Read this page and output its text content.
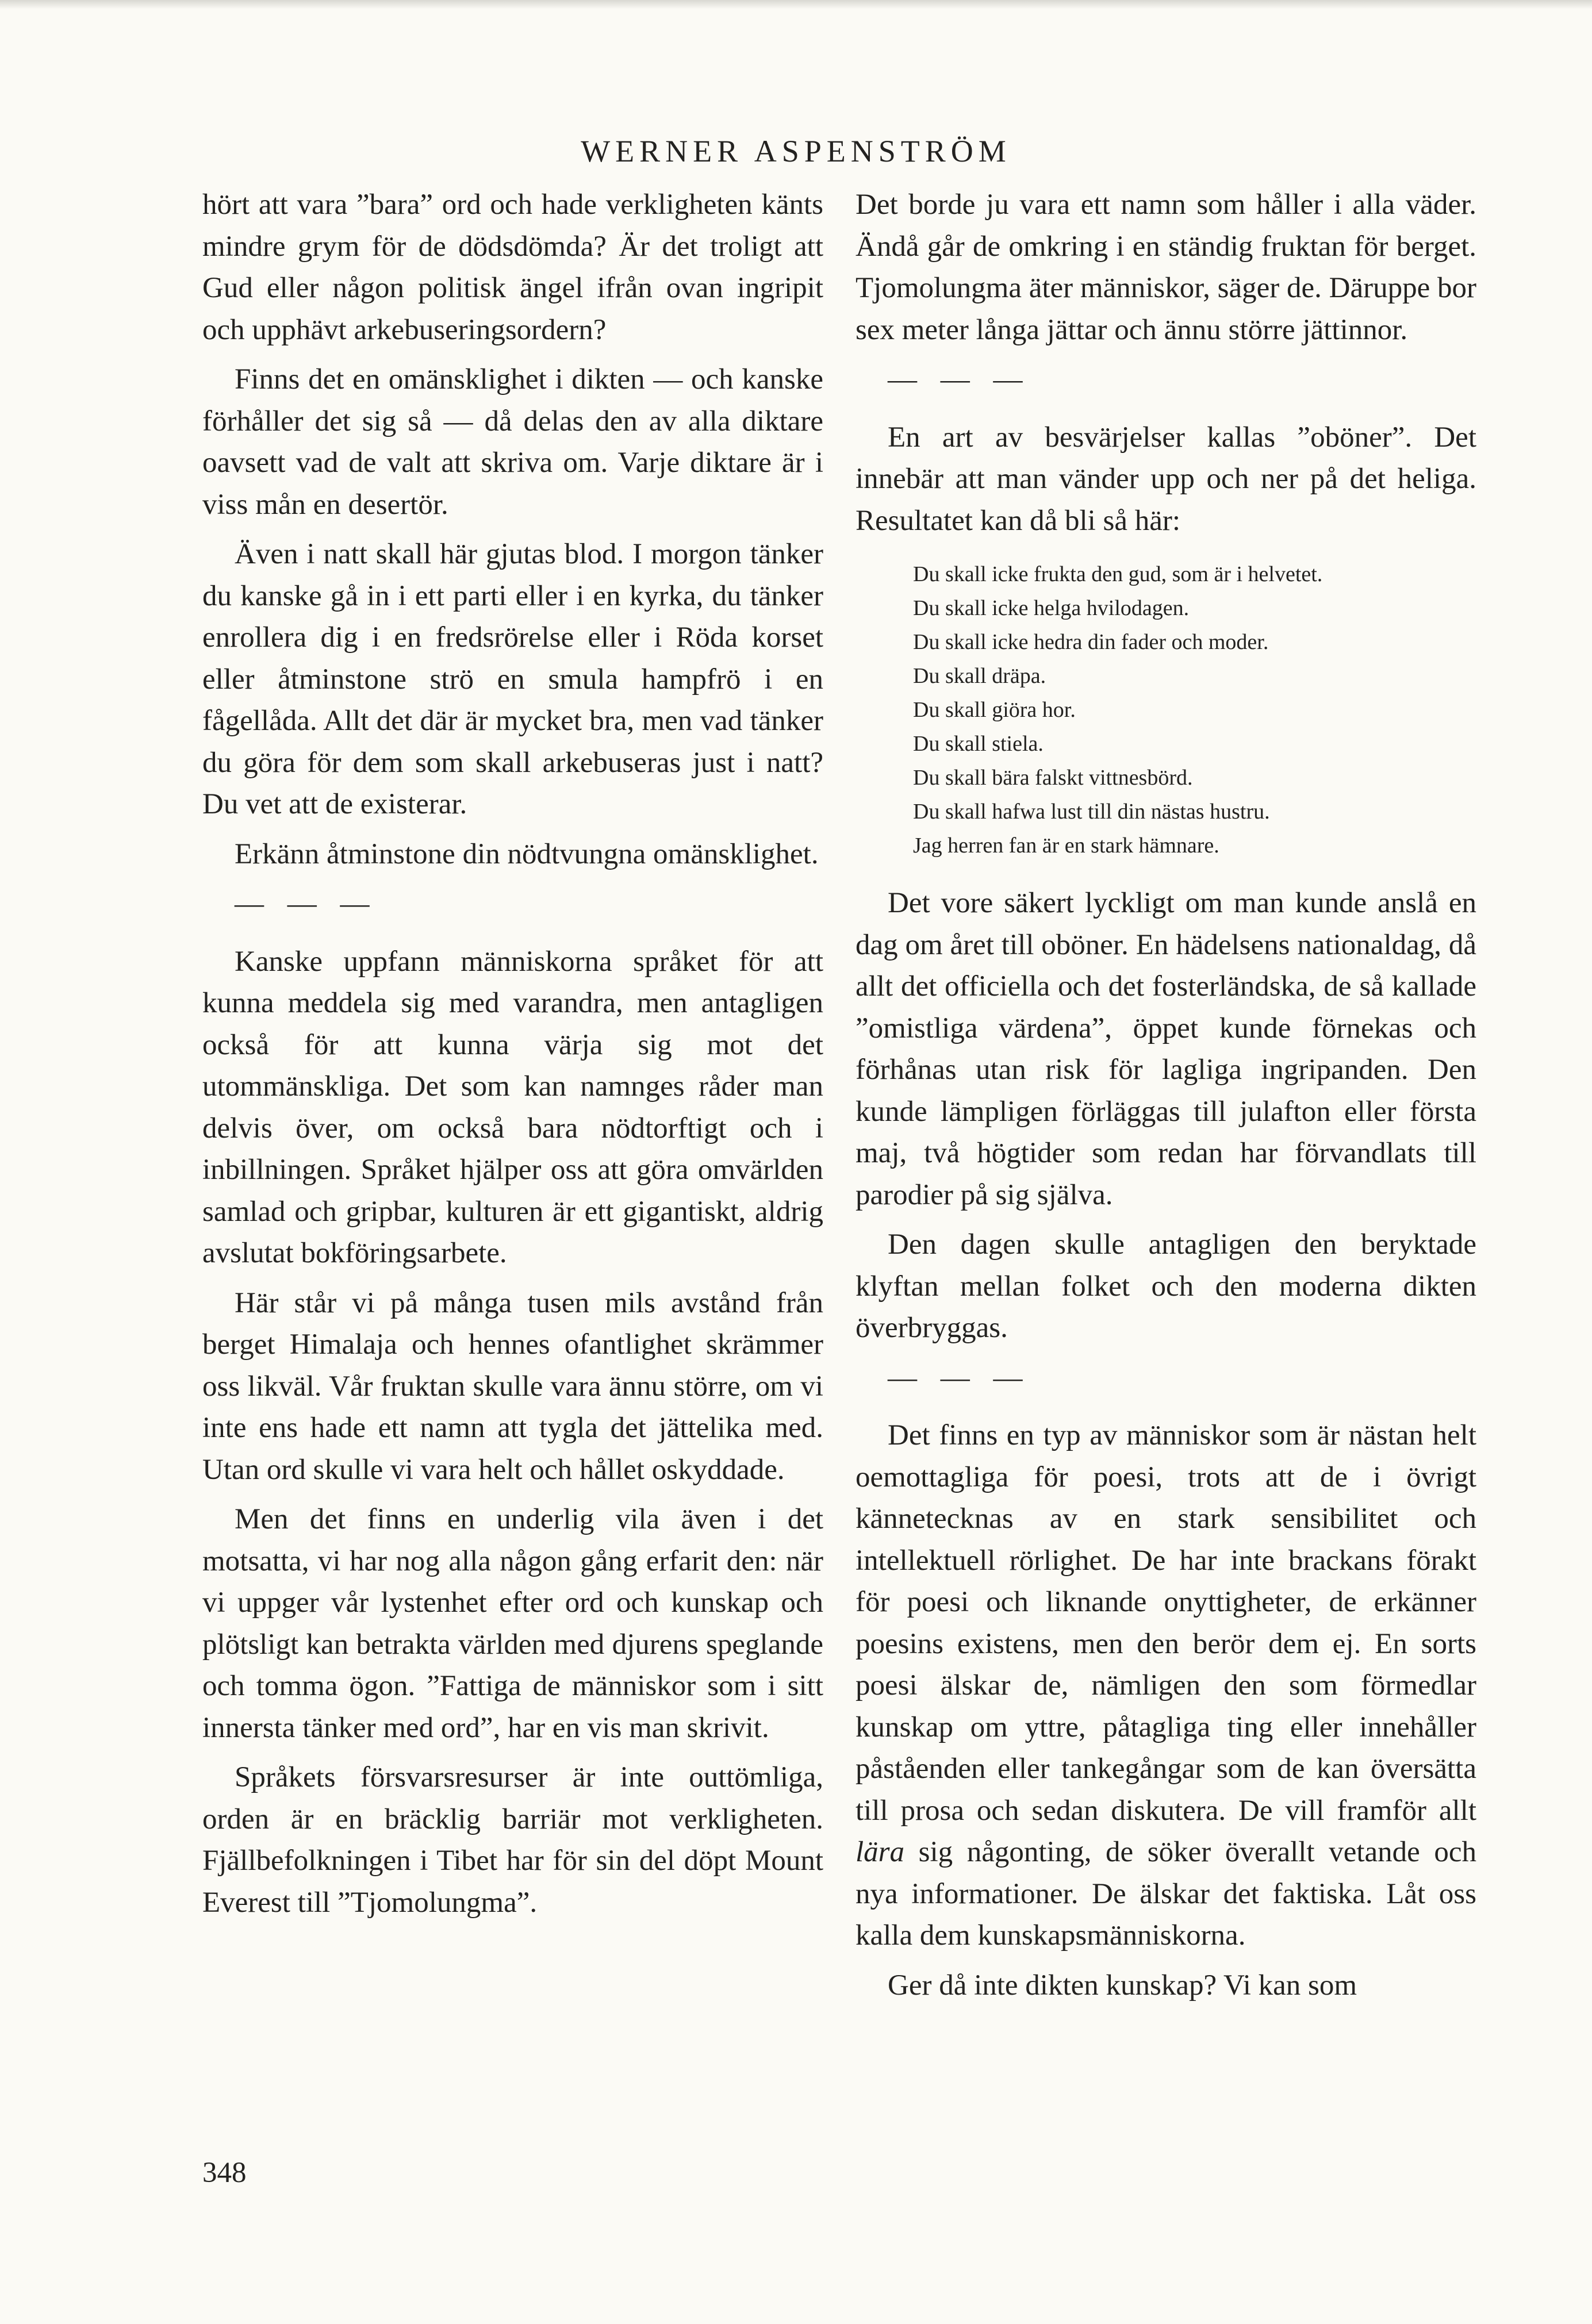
WERNER ASPENSTRÖM

hört att vara ”bara” ord och hade verkligheten känts mindre grym för de dödsdömda? Är det troligt att Gud eller någon politisk ängel ifrån ovan ingripit och upphävt arkebuseringsordern?

Finns det en omänsklighet i dikten — och kanske förhåller det sig så — då delas den av alla diktare oavsett vad de valt att skriva om. Varje diktare är i viss mån en desertör.

Även i natt skall här gjutas blod. I morgon tänker du kanske gå in i ett parti eller i en kyrka, du tänker enrollera dig i en fredsrörelse eller i Röda korset eller åtminstone strö en smula hampfrö i en fågellåda. Allt det där är mycket bra, men vad tänker du göra för dem som skall arkebuseras just i natt? Du vet att de existerar.

Erkänn åtminstone din nödtvungna omänsklighet.

— — —

Kanske uppfann människorna språket för att kunna meddela sig med varandra, men antagligen också för att kunna värja sig mot det utommänskliga. Det som kan namnges råder man delvis över, om också bara nödtorftigt och i inbillningen. Språket hjälper oss att göra omvärlden samlad och gripbar, kulturen är ett gigantiskt, aldrig avslutat bokföringsarbete.

Här står vi på många tusen mils avstånd från berget Himalaja och hennes ofantlighet skrämmer oss likväl. Vår fruktan skulle vara ännu större, om vi inte ens hade ett namn att tygla det jättelika med. Utan ord skulle vi vara helt och hållet oskyddade.

Men det finns en underlig vila även i det motsatta, vi har nog alla någon gång erfarit den: när vi uppger vår lystenhet efter ord och kunskap och plötsligt kan betrakta världen med djurens speglande och tomma ögon. ”Fattiga de människor som i sitt innersta tänker med ord”, har en vis man skrivit.

Språkets försvarsresurser är inte outtömliga, orden är en bräcklig barriär mot verkligheten. Fjällbefolkningen i Tibet har för sin del döpt Mount Everest till ”Tjomolungma”.

Det borde ju vara ett namn som håller i alla väder. Ändå går de omkring i en ständig fruktan för berget. Tjomolungma äter människor, säger de. Däruppe bor sex meter långa jättar och ännu större jättinnor.

— — —

En art av besvärjelser kallas ”oböner”. Det innebär att man vänder upp och ner på det heliga. Resultatet kan då bli så här:

Du skall icke frukta den gud, som är i helvetet.
Du skall icke helga hvilodagen.
Du skall icke hedra din fader och moder.
Du skall dräpa.
Du skall giöra hor.
Du skall stiela.
Du skall bära falskt vittnesbörd.
Du skall hafwa lust till din nästas hustru.
Jag herren fan är en stark hämnare.

Det vore säkert lyckligt om man kunde anslå en dag om året till oböner. En hädelsens nationaldag, då allt det officiella och det fosterländska, de så kallade ”omistliga värdena”, öppet kunde förnekas och förhånas utan risk för lagliga ingripanden. Den kunde lämpligen förläggas till julafton eller första maj, två högtider som redan har förvandlats till parodier på sig själva.

Den dagen skulle antagligen den beryktade klyftan mellan folket och den moderna dikten överbryggas.

— — —

Det finns en typ av människor som är nästan helt oemottagliga för poesi, trots att de i övrigt kännetecknas av en stark sensibilitet och intellektuell rörlighet. De har inte brackans förakt för poesi och liknande onyttigheter, de erkänner poesins existens, men den berör dem ej. En sorts poesi älskar de, nämligen den som förmedlar kunskap om yttre, påtagliga ting eller innehåller påståenden eller tankegångar som de kan översätta till prosa och sedan diskutera. De vill framför allt lära sig någonting, de söker överallt vetande och nya informationer. De älskar det faktiska. Låt oss kalla dem kunskapsmänniskorna.

Ger då inte dikten kunskap? Vi kan som

348
